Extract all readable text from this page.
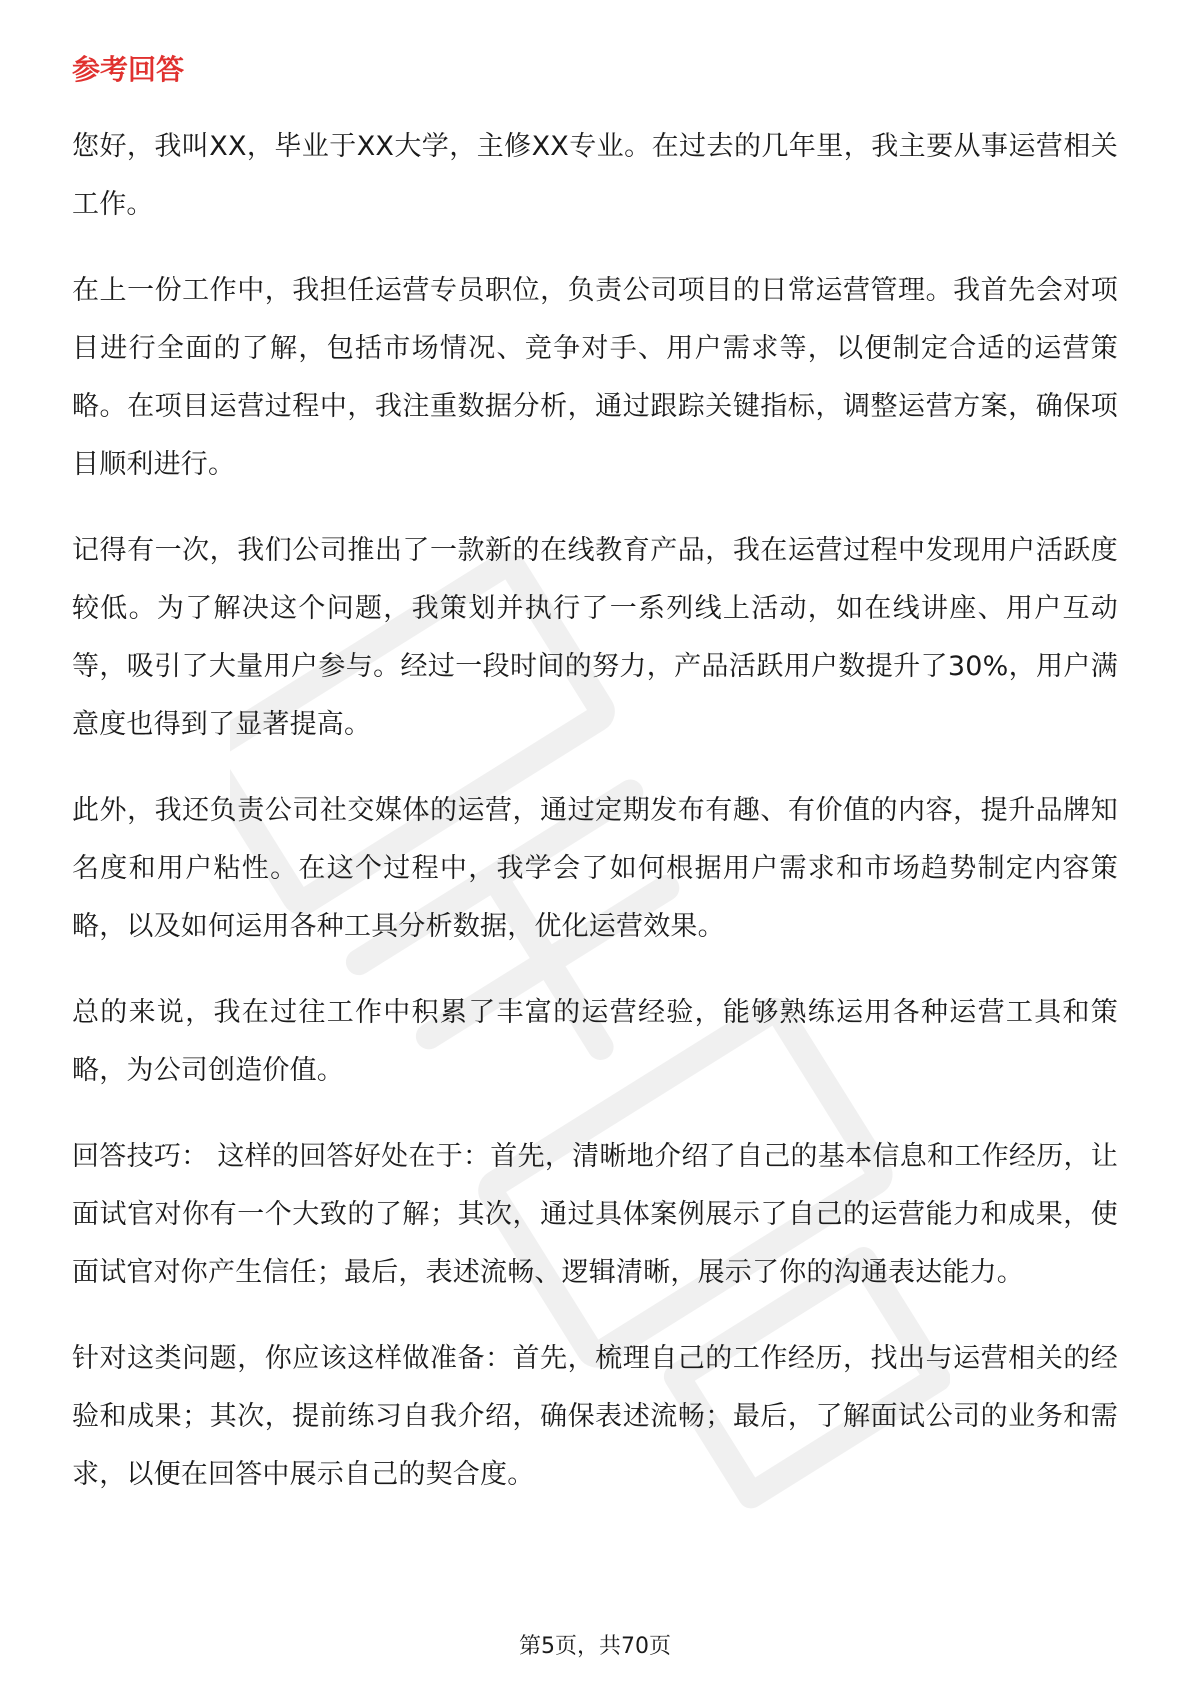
参考回答

您好，我叫XX，毕业于XX大学，主修XX专业。在过去的几年里，我主要从事运营相关工作。

在上一份工作中，我担任运营专员职位，负责公司项目的日常运营管理。我首先会对项目进行全面的了解，包括市场情况、竞争对手、用户需求等，以便制定合适的运营策略。在项目运营过程中，我注重数据分析，通过跟踪关键指标，调整运营方案，确保项目顺利进行。

记得有一次，我们公司推出了一款新的在线教育产品，我在运营过程中发现用户活跃度较低。为了解决这个问题，我策划并执行了一系列线上活动，如在线讲座、用户互动等，吸引了大量用户参与。经过一段时间的努力，产品活跃用户数提升了30%，用户满意度也得到了显著提高。

此外，我还负责公司社交媒体的运营，通过定期发布有趣、有价值的内容，提升品牌知名度和用户粘性。在这个过程中，我学会了如何根据用户需求和市场趋势制定内容策略，以及如何运用各种工具分析数据，优化运营效果。

总的来说，我在过往工作中积累了丰富的运营经验，能够熟练运用各种运营工具和策略，为公司创造价值。

回答技巧： 这样的回答好处在于：首先，清晰地介绍了自己的基本信息和工作经历，让面试官对你有一个大致的了解；其次，通过具体案例展示了自己的运营能力和成果，使面试官对你产生信任；最后，表述流畅、逻辑清晰，展示了你的沟通表达能力。

针对这类问题，你应该这样做准备：首先，梳理自己的工作经历，找出与运营相关的经验和成果；其次，提前练习自我介绍，确保表述流畅；最后，了解面试公司的业务和需求，以便在回答中展示自己的契合度。

第5页，共70页
